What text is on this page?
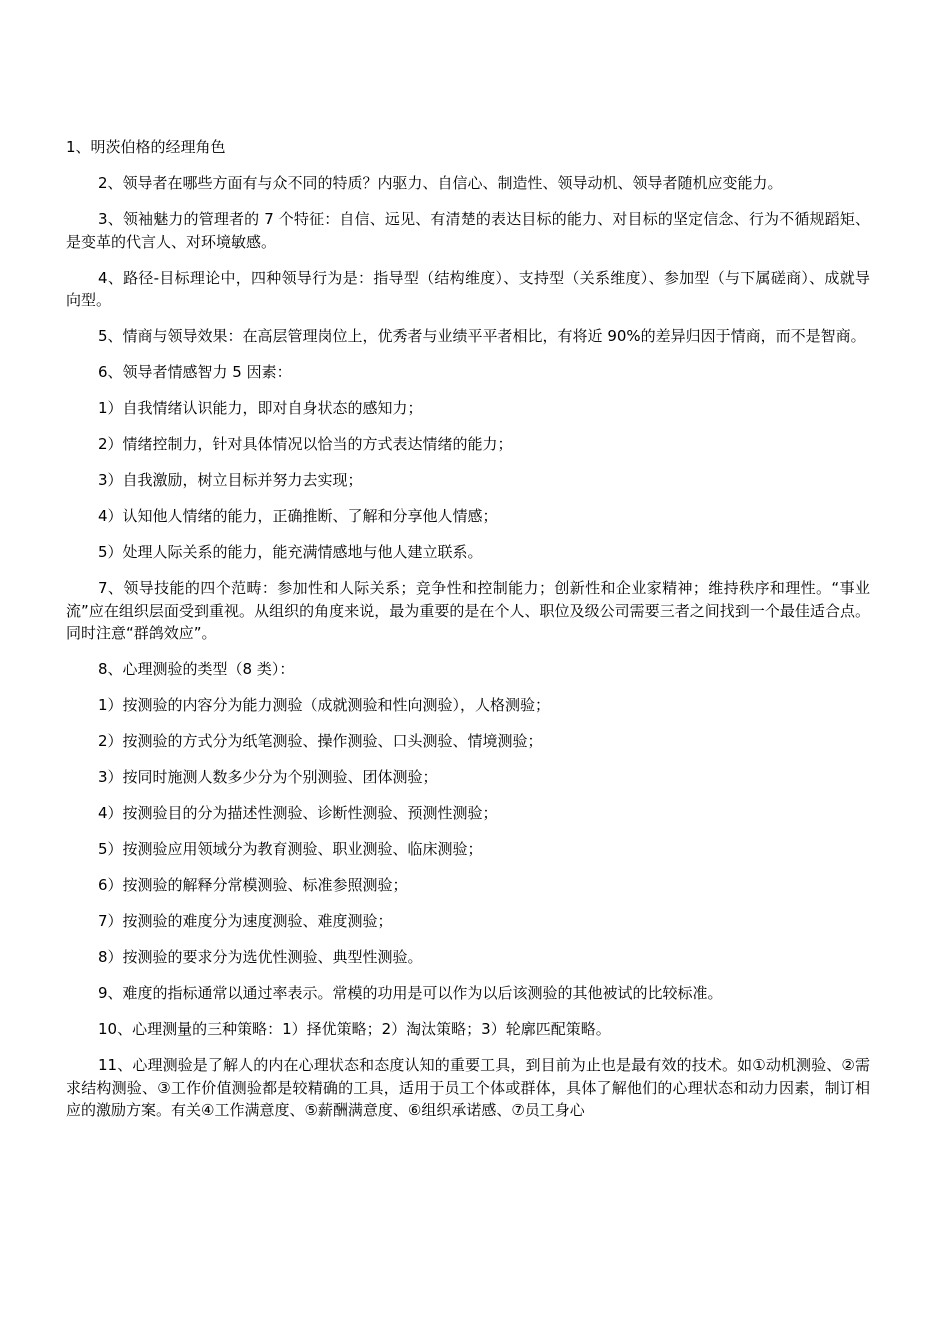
1、明茨伯格的经理角色

2、领导者在哪些方面有与众不同的特质？内驱力、自信心、制造性、领导动机、领导者随机应变能力。

3、领袖魅力的管理者的 7 个特征：自信、远见、有清楚的表达目标的能力、对目标的坚定信念、行为不循规蹈矩、是变革的代言人、对环境敏感。

4、路径-目标理论中，四种领导行为是：指导型（结构维度）、支持型（关系维度）、参加型（与下属磋商）、成就导向型。

5、情商与领导效果：在高层管理岗位上，优秀者与业绩平平者相比，有将近 90%的差异归因于情商，而不是智商。

6、领导者情感智力 5 因素：

1）自我情绪认识能力，即对自身状态的感知力；

2）情绪控制力，针对具体情况以恰当的方式表达情绪的能力；

3）自我激励，树立目标并努力去实现；

4）认知他人情绪的能力，正确推断、了解和分享他人情感；

5）处理人际关系的能力，能充满情感地与他人建立联系。

7、领导技能的四个范畴：参加性和人际关系；竞争性和控制能力；创新性和企业家精神；维持秩序和理性。“事业流”应在组织层面受到重视。从组织的角度来说，最为重要的是在个人、职位及级公司需要三者之间找到一个最佳适合点。同时注意“群鸽效应”。

8、心理测验的类型（8 类）：

1）按测验的内容分为能力测验（成就测验和性向测验），人格测验；

2）按测验的方式分为纸笔测验、操作测验、口头测验、情境测验；

3）按同时施测人数多少分为个别测验、团体测验；

4）按测验目的分为描述性测验、诊断性测验、预测性测验；

5）按测验应用领域分为教育测验、职业测验、临床测验；

6）按测验的解释分常模测验、标准参照测验；

7）按测验的难度分为速度测验、难度测验；

8）按测验的要求分为选优性测验、典型性测验。

9、难度的指标通常以通过率表示。常模的功用是可以作为以后该测验的其他被试的比较标准。

10、心理测量的三种策略：1）择优策略；2）淘汰策略；3）轮廓匹配策略。

11、心理测验是了解人的内在心理状态和态度认知的重要工具，到目前为止也是最有效的技术。如①动机测验、②需求结构测验、③工作价值测验都是较精确的工具，适用于员工个体或群体，具体了解他们的心理状态和动力因素，制订相应的激励方案。有关④工作满意度、⑤薪酬满意度、⑥组织承诺感、⑦员工身心
